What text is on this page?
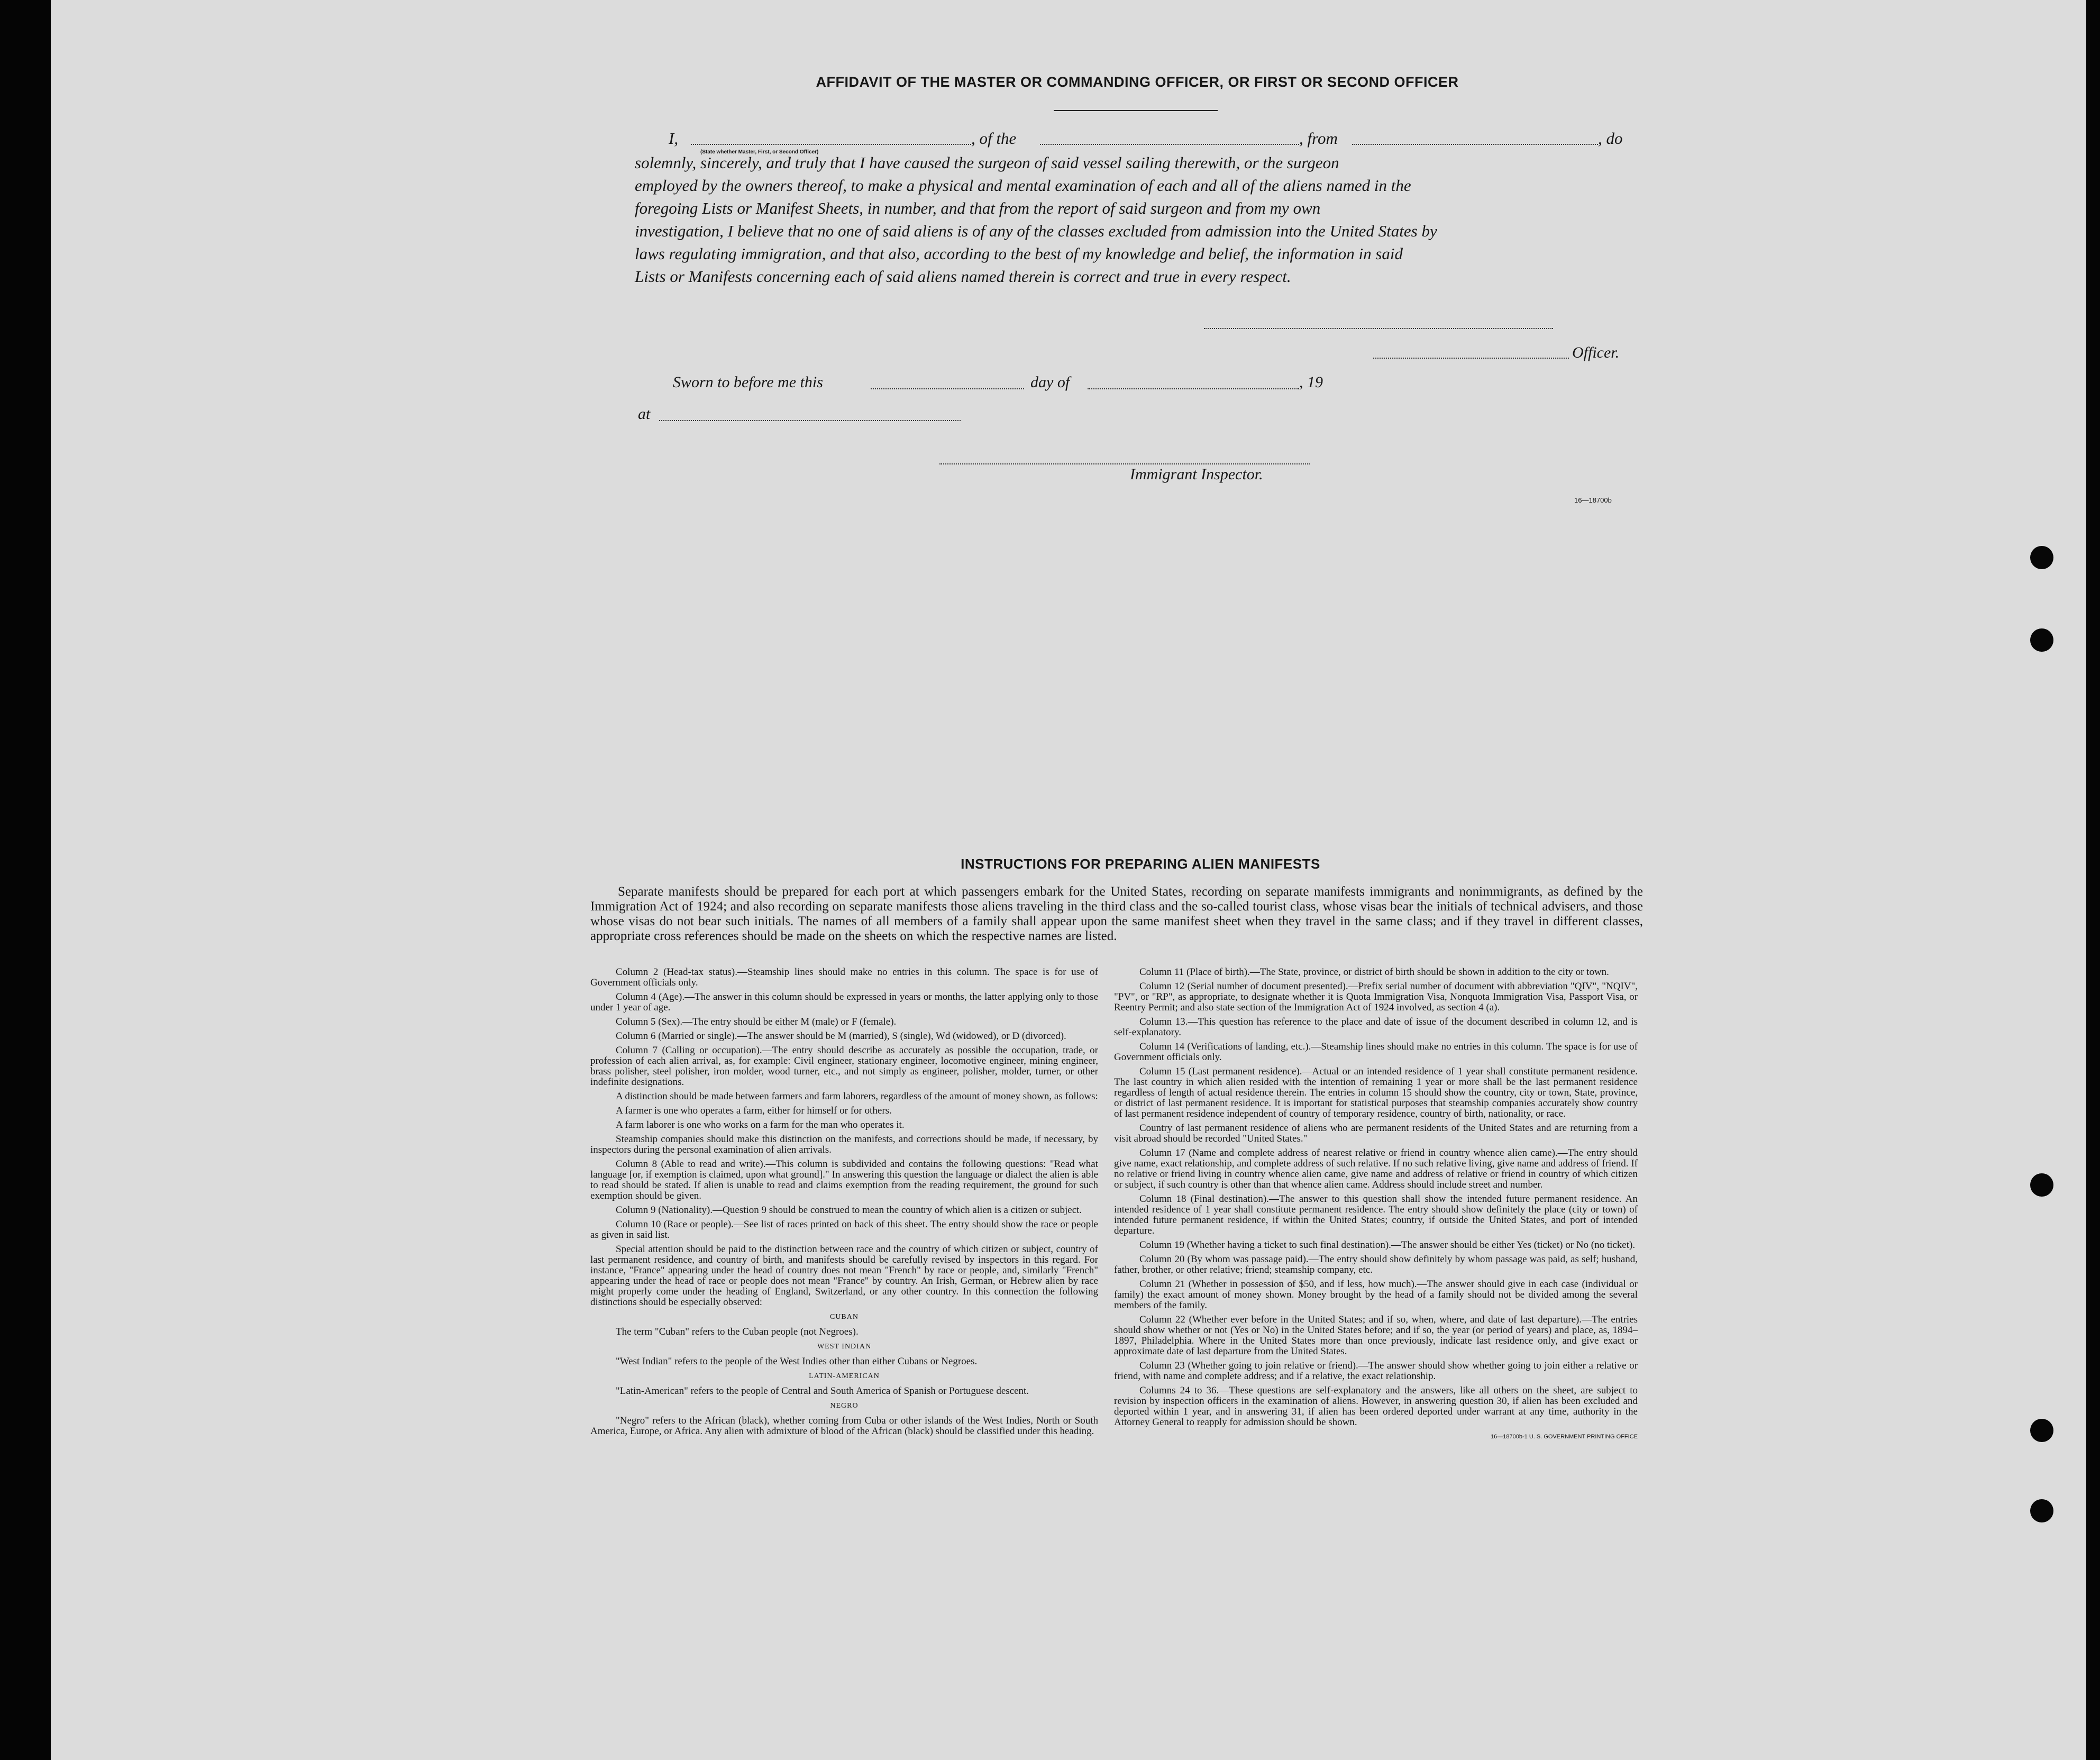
AFFIDAVIT OF THE MASTER OR COMMANDING OFFICER, OR FIRST OR SECOND OFFICER
I,	, of the	, from	, do
(State whether Master, First, or Second Officer)
solemnly, sincerely, and truly that I have caused the surgeon of said vessel sailing therewith, or the surgeon
employed by the owners thereof, to make a physical and mental examination of each and all of the aliens named in the
foregoing Lists or Manifest Sheets, in number, and that from the report of said surgeon and from my own
investigation, I believe that no one of said aliens is of any of the classes excluded from admission into the United States by
laws regulating immigration, and that also, according to the best of my knowledge and belief, the information in said
Lists or Manifests concerning each of said aliens named therein is correct and true in every respect.
Officer.
Sworn to before me this	day of	, 19
at
Immigrant Inspector.
16—18700b
INSTRUCTIONS FOR PREPARING ALIEN MANIFESTS
Separate manifests should be prepared for each port at which passengers embark for the United States, recording on separate manifests immigrants and nonimmigrants, as defined by the Immigration Act of 1924; and also recording on separate manifests those aliens traveling in the third class and the so-called tourist class, whose visas bear the initials of technical advisers, and those whose visas do not bear such initials. The names of all members of a family shall appear upon the same manifest sheet when they travel in the same class; and if they travel in different classes, appropriate cross references should be made on the sheets on which the respective names are listed.

Column 2 (Head-tax status).—Steamship lines should make no entries in this column. The space is for use of Government officials only.

Column 4 (Age).—The answer in this column should be expressed in years or months, the latter applying only to those under 1 year of age.

Column 5 (Sex).—The entry should be either M (male) or F (female).

Column 6 (Married or single).—The answer should be M (married), S (single), Wd (widowed), or D (divorced).

Column 7 (Calling or occupation).—The entry should describe as accurately as possible the occupation, trade, or profession of each alien arrival, as, for example: Civil engineer, stationary engineer, locomotive engineer, mining engineer, brass polisher, steel polisher, iron molder, wood turner, etc., and not simply as engineer, polisher, molder, turner, or other indefinite designations.

A distinction should be made between farmers and farm laborers, regardless of the amount of money shown, as follows:

A farmer is one who operates a farm, either for himself or for others.

A farm laborer is one who works on a farm for the man who operates it.

Steamship companies should make this distinction on the manifests, and corrections should be made, if necessary, by inspectors during the personal examination of alien arrivals.

Column 8 (Able to read and write).—This column is subdivided and contains the following questions: "Read what language [or, if exemption is claimed, upon what ground]." In answering this question the language or dialect the alien is able to read should be stated. If alien is unable to read and claims exemption from the reading requirement, the ground for such exemption should be given.

Column 9 (Nationality).—Question 9 should be construed to mean the country of which alien is a citizen or subject.

Column 10 (Race or people).—See list of races printed on back of this sheet. The entry should show the race or people as given in said list.

Special attention should be paid to the distinction between race and the country of which citizen or subject, country of last permanent residence, and country of birth, and manifests should be carefully revised by inspectors in this regard. For instance, "France" appearing under the head of country does not mean "French" by race or people, and, similarly "French" appearing under the head of race or people does not mean "France" by country. An Irish, German, or Hebrew alien by race might properly come under the heading of England, Switzerland, or any other country. In this connection the following distinctions should be especially observed:

CUBAN

The term "Cuban" refers to the Cuban people (not Negroes).

WEST INDIAN

"West Indian" refers to the people of the West Indies other than either Cubans or Negroes.

LATIN-AMERICAN

"Latin-American" refers to the people of Central and South America of Spanish or Portuguese descent.

NEGRO

"Negro" refers to the African (black), whether coming from Cuba or other islands of the West Indies, North or South America, Europe, or Africa. Any alien with admixture of blood of the African (black) should be classified under this heading.

Column 11 (Place of birth).—The State, province, or district of birth should be shown in addition to the city or town.

Column 12 (Serial number of document presented).—Prefix serial number of document with abbreviation "QIV", "NQIV", "PV", or "RP", as appropriate, to designate whether it is Quota Immigration Visa, Nonquota Immigration Visa, Passport Visa, or Reentry Permit; and also state section of the Immigration Act of 1924 involved, as section 4 (a).

Column 13.—This question has reference to the place and date of issue of the document described in column 12, and is self-explanatory.

Column 14 (Verifications of landing, etc.).—Steamship lines should make no entries in this column. The space is for use of Government officials only.

Column 15 (Last permanent residence).—Actual or an intended residence of 1 year shall constitute permanent residence. The last country in which alien resided with the intention of remaining 1 year or more shall be the last permanent residence regardless of length of actual residence therein. The entries in column 15 should show the country, city or town, State, province, or district of last permanent residence. It is important for statistical purposes that steamship companies accurately show country of last permanent residence independent of country of temporary residence, country of birth, nationality, or race.

Country of last permanent residence of aliens who are permanent residents of the United States and are returning from a visit abroad should be recorded "United States."

Column 17 (Name and complete address of nearest relative or friend in country whence alien came).—The entry should give name, exact relationship, and complete address of such relative. If no such relative living, give name and address of friend. If no relative or friend living in country whence alien came, give name and address of relative or friend in country of which citizen or subject, if such country is other than that whence alien came. Address should include street and number.

Column 18 (Final destination).—The answer to this question shall show the intended future permanent residence. An intended residence of 1 year shall constitute permanent residence. The entry should show definitely the place (city or town) of intended future permanent residence, if within the United States; country, if outside the United States, and port of intended departure.

Column 19 (Whether having a ticket to such final destination).—The answer should be either Yes (ticket) or No (no ticket).

Column 20 (By whom was passage paid).—The entry should show definitely by whom passage was paid, as self; husband, father, brother, or other relative; friend; steamship company, etc.

Column 21 (Whether in possession of $50, and if less, how much).—The answer should give in each case (individual or family) the exact amount of money shown. Money brought by the head of a family should not be divided among the several members of the family.

Column 22 (Whether ever before in the United States; and if so, when, where, and date of last departure).—The entries should show whether or not (Yes or No) in the United States before; and if so, the year (or period of years) and place, as, 1894–1897, Philadelphia. Where in the United States more than once previously, indicate last residence only, and give exact or approximate date of last departure from the United States.

Column 23 (Whether going to join relative or friend).—The answer should show whether going to join either a relative or friend, with name and complete address; and if a relative, the exact relationship.

Columns 24 to 36.—These questions are self-explanatory and the answers, like all others on the sheet, are subject to revision by inspection officers in the examination of aliens. However, in answering question 30, if alien has been excluded and deported within 1 year, and in answering 31, if alien has been ordered deported under warrant at any time, authority in the Attorney General to reapply for admission should be shown.

16—18700b-1 U. S. GOVERNMENT PRINTING OFFICE
